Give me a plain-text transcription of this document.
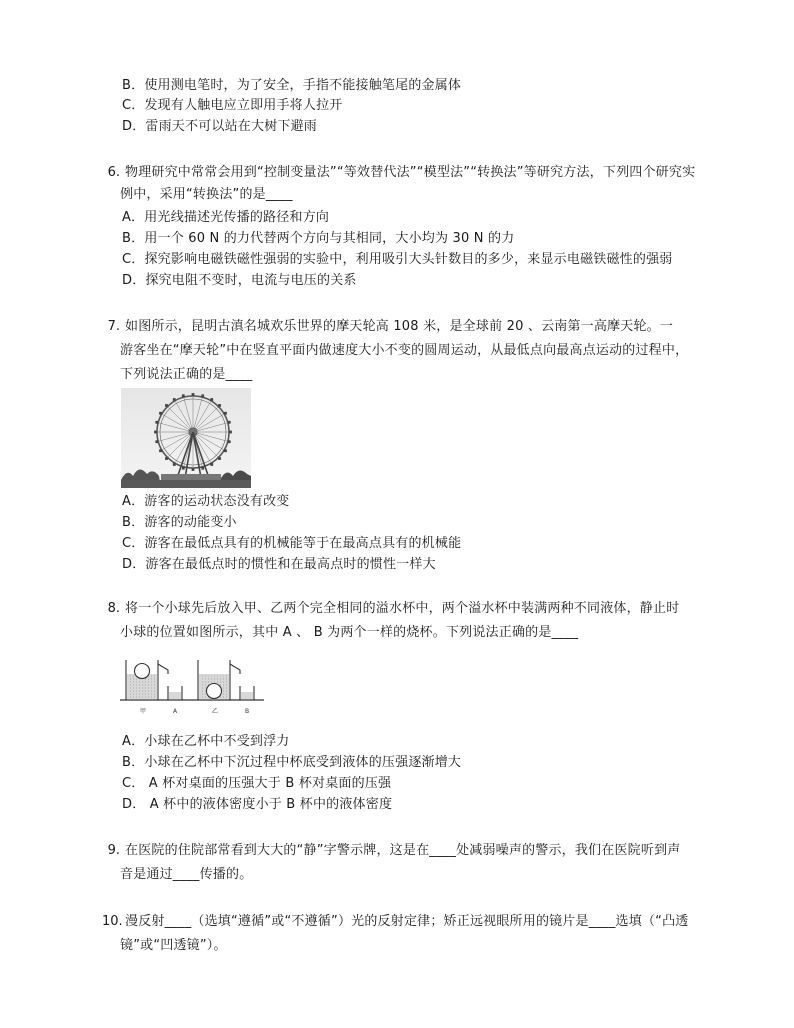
B．使用测电笔时，为了安全，手指不能接触笔尾的金属体
C．发现有人触电应立即用手将人拉开
D．雷雨天不可以站在大树下避雨
6. 物理研究中常常会用到“控制变量法”“等效替代法”“模型法”“转换法”等研究方法，下列四个研究实
例中，采用“转换法”的是____
A．用光线描述光传播的路径和方向
B．用一个 60 N 的力代替两个方向与其相同，大小均为 30 N 的力
C．探究影响电磁铁磁性强弱的实验中，利用吸引大头针数目的多少，来显示电磁铁磁性的强弱
D．探究电阻不变时，电流与电压的关系
7. 如图所示，昆明古滇名城欢乐世界的摩天轮高 108 米，是全球前 20 、云南第一高摩天轮。一
游客坐在“摩天轮”中在竖直平面内做速度大小不变的圆周运动，从最低点向最高点运动的过程中，
下列说法正确的是____
A．游客的运动状态没有改变
B．游客的动能变小
C．游客在最低点具有的机械能等于在最高点具有的机械能
D．游客在最低点时的惯性和在最高点时的惯性一样大
8. 将一个小球先后放入甲、乙两个完全相同的溢水杯中，两个溢水杯中装满两种不同液体，静止时
小球的位置如图所示，其中 A 、 B 为两个一样的烧杯。下列说法正确的是____
甲	A	乙	B
A．小球在乙杯中不受到浮力
B．小球在乙杯中下沉过程中杯底受到液体的压强逐渐增大
C． A 杯对桌面的压强大于 B 杯对桌面的压强
D． A 杯中的液体密度小于 B 杯中的液体密度
9. 在医院的住院部常看到大大的“静”字警示牌，这是在____处减弱噪声的警示，我们在医院听到声
音是通过____传播的。
10. 漫反射____（选填“遵循”或“不遵循”）光的反射定律；矫正远视眼所用的镜片是____选填（“凸透
镜”或“凹透镜”）。
